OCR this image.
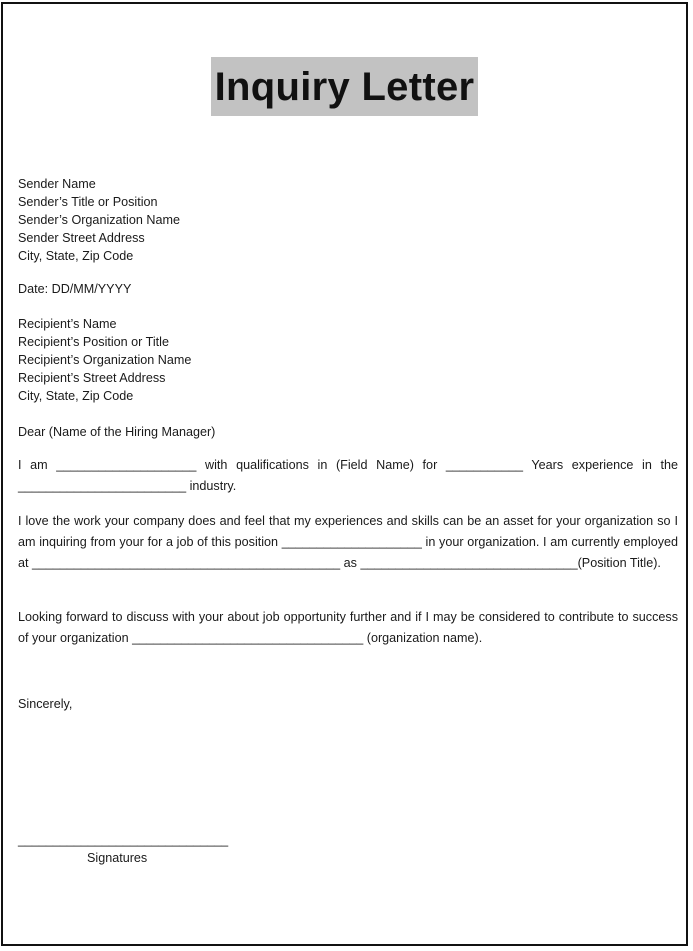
Inquiry Letter
Sender Name
Sender’s Title or Position
Sender’s Organization Name
Sender Street Address
City, State, Zip Code
Date: DD/MM/YYYY
Recipient’s Name
Recipient’s Position or Title
Recipient’s Organization Name
Recipient’s Street Address
City, State, Zip Code
Dear (Name of the Hiring Manager)
I am ____________________ with qualifications in (Field Name) for ___________ Years experience in the ________________________ industry.
I love the work your company does and feel that my experiences and skills can be an asset for your organization so I am inquiring from your for a job of this position ____________________ in your organization. I am currently employed at ____________________________________________ as _______________________________(Position Title).
Looking forward to discuss with your about job opportunity further and if I may be considered to contribute to success of your organization _________________________________ (organization name).
Sincerely,
______________________________
Signatures
